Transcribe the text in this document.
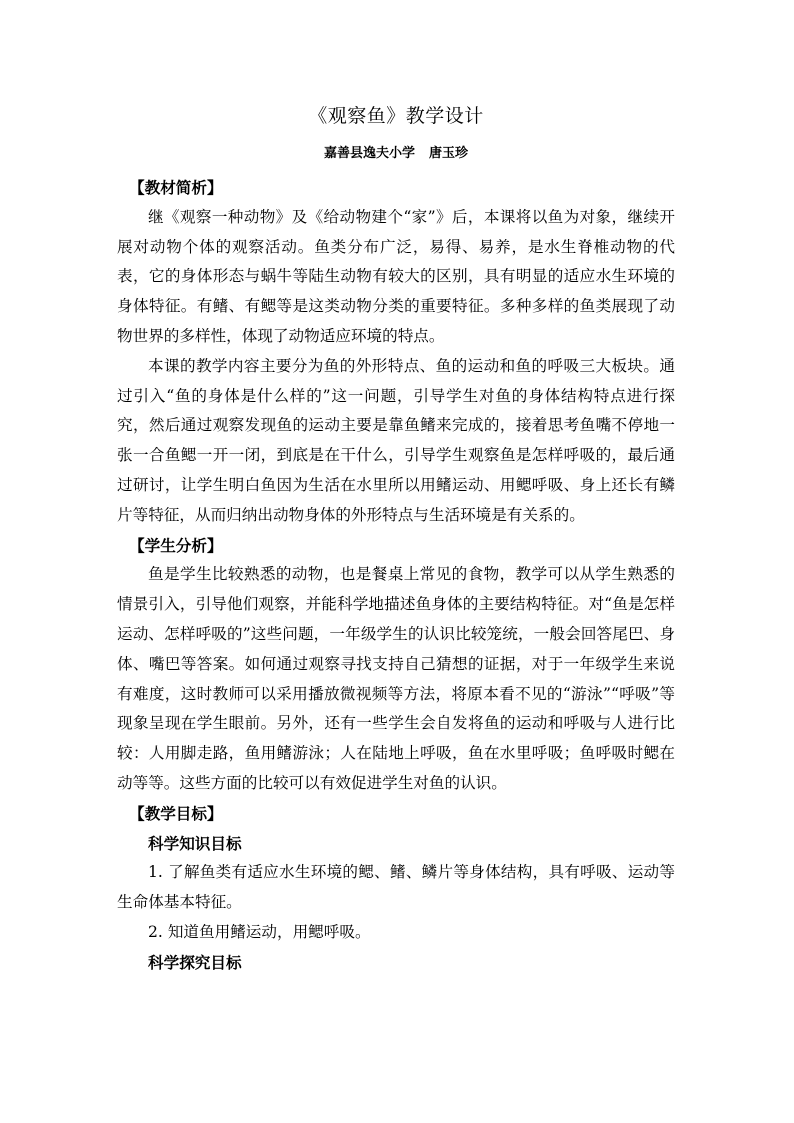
《观察鱼》教学设计
嘉善县逸夫小学 唐玉珍

【教材简析】

继《观察一种动物》及《给动物建个“家”》后，本课将以鱼为对象，继续开展对动物个体的观察活动。鱼类分布广泛，易得、易养，是水生脊椎动物的代表，它的身体形态与蜗牛等陆生动物有较大的区别，具有明显的适应水生环境的身体特征。有鳍、有鳃等是这类动物分类的重要特征。多种多样的鱼类展现了动物世界的多样性，体现了动物适应环境的特点。

本课的教学内容主要分为鱼的外形特点、鱼的运动和鱼的呼吸三大板块。通过引入“鱼的身体是什么样的”这一问题，引导学生对鱼的身体结构特点进行探究，然后通过观察发现鱼的运动主要是靠鱼鳍来完成的，接着思考鱼嘴不停地一张一合鱼鳃一开一闭，到底是在干什么，引导学生观察鱼是怎样呼吸的，最后通过研讨，让学生明白鱼因为生活在水里所以用鳍运动、用鳃呼吸、身上还长有鳞片等特征，从而归纳出动物身体的外形特点与生活环境是有关系的。

【学生分析】

鱼是学生比较熟悉的动物，也是餐桌上常见的食物，教学可以从学生熟悉的情景引入，引导他们观察，并能科学地描述鱼身体的主要结构特征。对“鱼是怎样运动、怎样呼吸的”这些问题，一年级学生的认识比较笼统，一般会回答尾巴、身体、嘴巴等答案。如何通过观察寻找支持自己猜想的证据，对于一年级学生来说有难度，这时教师可以采用播放微视频等方法，将原本看不见的“游泳”“呼吸”等现象呈现在学生眼前。另外，还有一些学生会自发将鱼的运动和呼吸与人进行比较：人用脚走路，鱼用鳍游泳；人在陆地上呼吸，鱼在水里呼吸；鱼呼吸时鳃在动等等。这些方面的比较可以有效促进学生对鱼的认识。

【教学目标】

科学知识目标

1. 了解鱼类有适应水生环境的鳃、鳍、鳞片等身体结构，具有呼吸、运动等生命体基本特征。

2. 知道鱼用鳍运动，用鳃呼吸。

科学探究目标
